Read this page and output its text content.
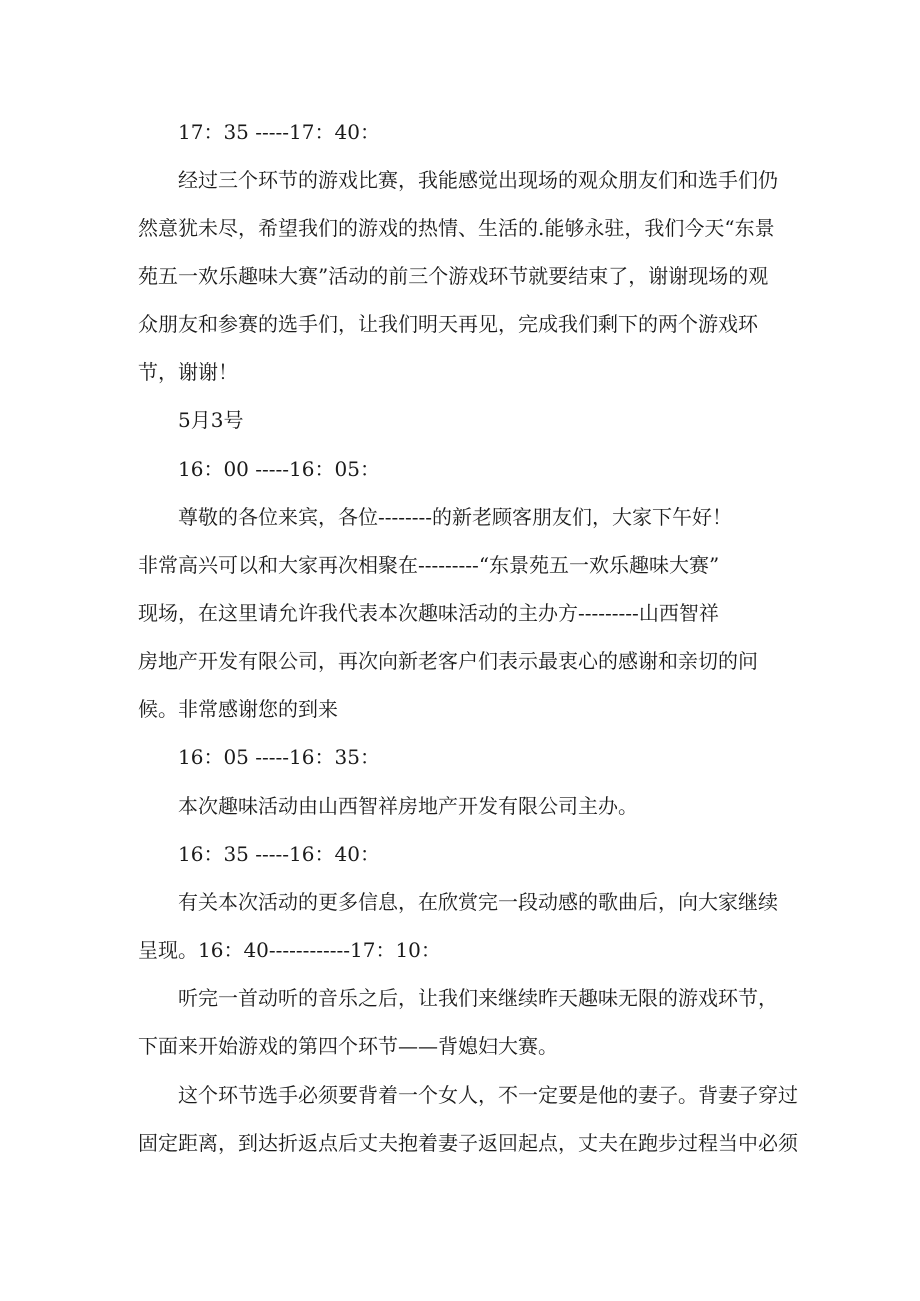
17：35 -----17：40：
经过三个环节的游戏比赛，我能感觉出现场的观众朋友们和选手们仍
然意犹未尽，希望我们的游戏的热情、生活的.能够永驻，我们今天“东景
苑五一欢乐趣味大赛”活动的前三个游戏环节就要结束了，谢谢现场的观
众朋友和参赛的选手们，让我们明天再见，完成我们剩下的两个游戏环
节，谢谢！
5月3号
16：00 -----16：05：
尊敬的各位来宾，各位--------的新老顾客朋友们，大家下午好！
非常高兴可以和大家再次相聚在---------“东景苑五一欢乐趣味大赛”
现场，在这里请允许我代表本次趣味活动的主办方---------山西智祥
房地产开发有限公司，再次向新老客户们表示最衷心的感谢和亲切的问
候。非常感谢您的到来
16：05 -----16：35：
本次趣味活动由山西智祥房地产开发有限公司主办。
16：35 -----16：40：
有关本次活动的更多信息，在欣赏完一段动感的歌曲后，向大家继续
呈现。16：40------------17：10：
听完一首动听的音乐之后，让我们来继续昨天趣味无限的游戏环节，
下面来开始游戏的第四个环节——背媳妇大赛。
这个环节选手必须要背着一个女人，不一定要是他的妻子。背妻子穿过
固定距离，到达折返点后丈夫抱着妻子返回起点，丈夫在跑步过程当中必须
